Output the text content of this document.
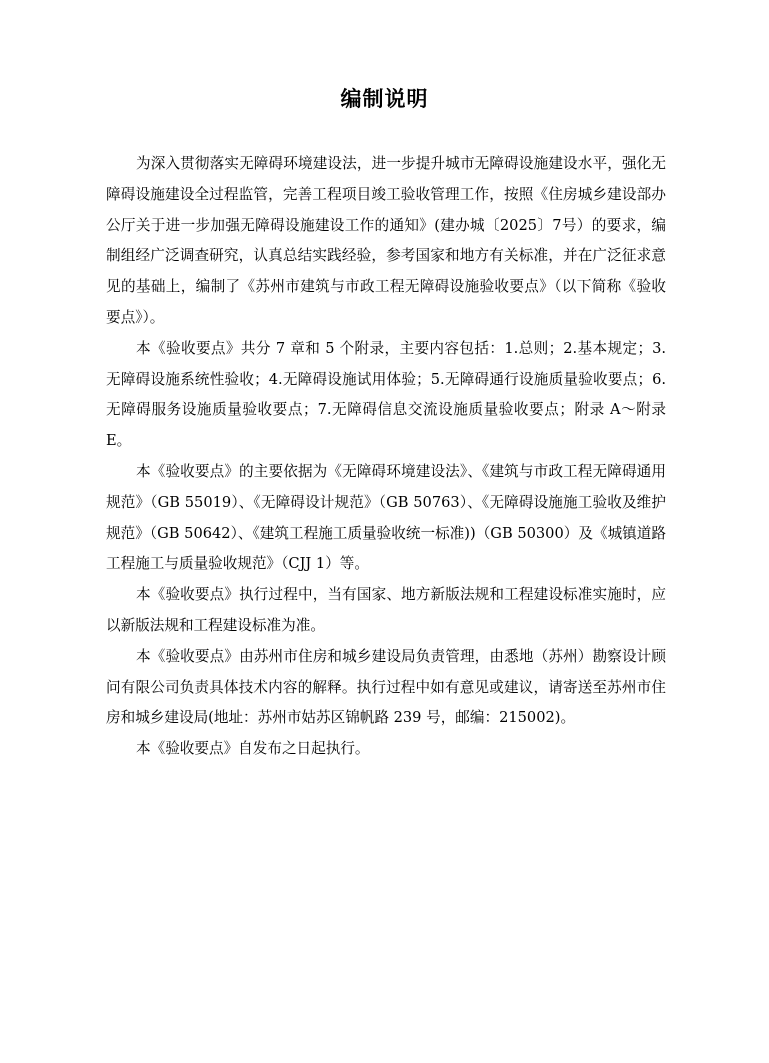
编制说明

为深入贯彻落实无障碍环境建设法，进一步提升城市无障碍设施建设水平，强化无障碍设施建设全过程监管，完善工程项目竣工验收管理工作，按照《住房城乡建设部办公厅关于进一步加强无障碍设施建设工作的通知》(建办城〔2025〕7号）的要求，编制组经广泛调查研究，认真总结实践经验，参考国家和地方有关标准，并在广泛征求意见的基础上，编制了《苏州市建筑与市政工程无障碍设施验收要点》（以下简称《验收要点》）。

本《验收要点》共分 7 章和 5 个附录，主要内容包括：1.总则；2.基本规定；3.无障碍设施系统性验收；4.无障碍设施试用体验；5.无障碍通行设施质量验收要点；6.无障碍服务设施质量验收要点；7.无障碍信息交流设施质量验收要点；附录 A～附录 E。

本《验收要点》的主要依据为《无障碍环境建设法》、《建筑与市政工程无障碍通用规范》（GB 55019）、《无障碍设计规范》（GB 50763）、《无障碍设施施工验收及维护规范》（GB 50642）、《建筑工程施工质量验收统一标准))（GB 50300）及《城镇道路工程施工与质量验收规范》（CJJ 1）等。

本《验收要点》执行过程中，当有国家、地方新版法规和工程建设标准实施时，应以新版法规和工程建设标准为准。

本《验收要点》由苏州市住房和城乡建设局负责管理，由悉地（苏州）勘察设计顾问有限公司负责具体技术内容的解释。执行过程中如有意见或建议，请寄送至苏州市住房和城乡建设局(地址：苏州市姑苏区锦帆路 239 号，邮编：215002)。

本《验收要点》自发布之日起执行。
